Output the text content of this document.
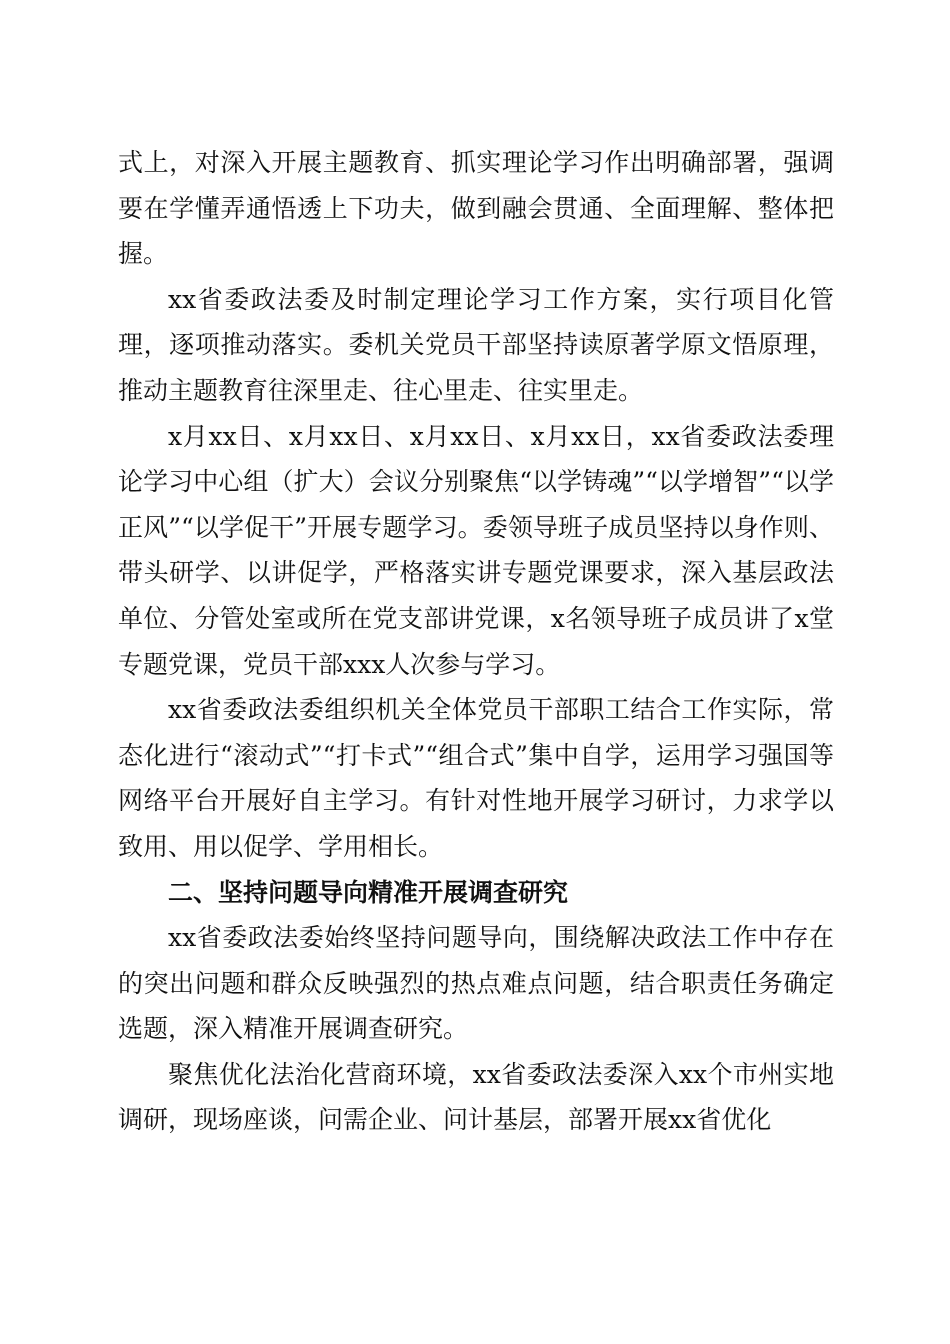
式上，对深入开展主题教育、抓实理论学习作出明确部署，强调要在学懂弄通悟透上下功夫，做到融会贯通、全面理解、整体把握。

xx省委政法委及时制定理论学习工作方案，实行项目化管理，逐项推动落实。委机关党员干部坚持读原著学原文悟原理，推动主题教育往深里走、往心里走、往实里走。

x月xx日、x月xx日、x月xx日、x月xx日，xx省委政法委理论学习中心组（扩大）会议分别聚焦“以学铸魂”“以学增智”“以学正风”“以学促干”开展专题学习。委领导班子成员坚持以身作则、带头研学、以讲促学，严格落实讲专题党课要求，深入基层政法单位、分管处室或所在党支部讲党课，x名领导班子成员讲了x堂专题党课，党员干部xxx人次参与学习。

xx省委政法委组织机关全体党员干部职工结合工作实际，常态化进行“滚动式”“打卡式”“组合式”集中自学，运用学习强国等网络平台开展好自主学习。有针对性地开展学习研讨，力求学以致用、用以促学、学用相长。

二、坚持问题导向精准开展调查研究

xx省委政法委始终坚持问题导向，围绕解决政法工作中存在的突出问题和群众反映强烈的热点难点问题，结合职责任务确定选题，深入精准开展调查研究。

聚焦优化法治化营商环境，xx省委政法委深入xx个市州实地调研，现场座谈，问需企业、问计基层，部署开展xx省优化
